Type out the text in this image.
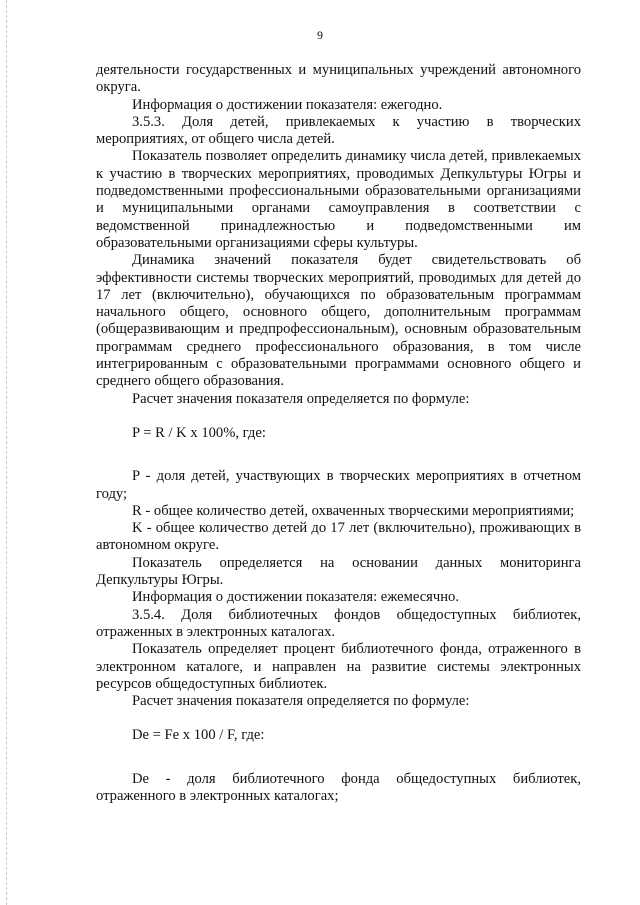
9

деятельности государственных и муниципальных учреждений автономного округа.

Информация о достижении показателя: ежегодно.

3.5.3. Доля детей, привлекаемых к участию в творческих мероприятиях, от общего числа детей.

Показатель позволяет определить динамику числа детей, привлекаемых к участию в творческих мероприятиях, проводимых Депкультуры Югры и подведомственными профессиональными образовательными организациями и муниципальными органами самоуправления в соответствии с ведомственной принадлежностью и подведомственными им образовательными организациями сферы культуры.

Динамика значений показателя будет свидетельствовать об эффективности системы творческих мероприятий, проводимых для детей до 17 лет (включительно), обучающихся по образовательным программам начального общего, основного общего, дополнительным программам (общеразвивающим и предпрофессиональным), основным образовательным программам среднего профессионального образования, в том числе интегрированным с образовательными программами основного общего и среднего общего образования.

Расчет значения показателя определяется по формуле:

P = R / K x 100%, где:

P - доля детей, участвующих в творческих мероприятиях в отчетном году;

R - общее количество детей, охваченных творческими мероприятиями;

K - общее количество детей до 17 лет (включительно), проживающих в автономном округе.

Показатель определяется на основании данных мониторинга Депкультуры Югры.

Информация о достижении показателя: ежемесячно.

3.5.4. Доля библиотечных фондов общедоступных библиотек, отраженных в электронных каталогах.

Показатель определяет процент библиотечного фонда, отраженного в электронном каталоге, и направлен на развитие системы электронных ресурсов общедоступных библиотек.

Расчет значения показателя определяется по формуле:

De = Fe x 100 / F, где:

De - доля библиотечного фонда общедоступных библиотек, отраженного в электронных каталогах;
